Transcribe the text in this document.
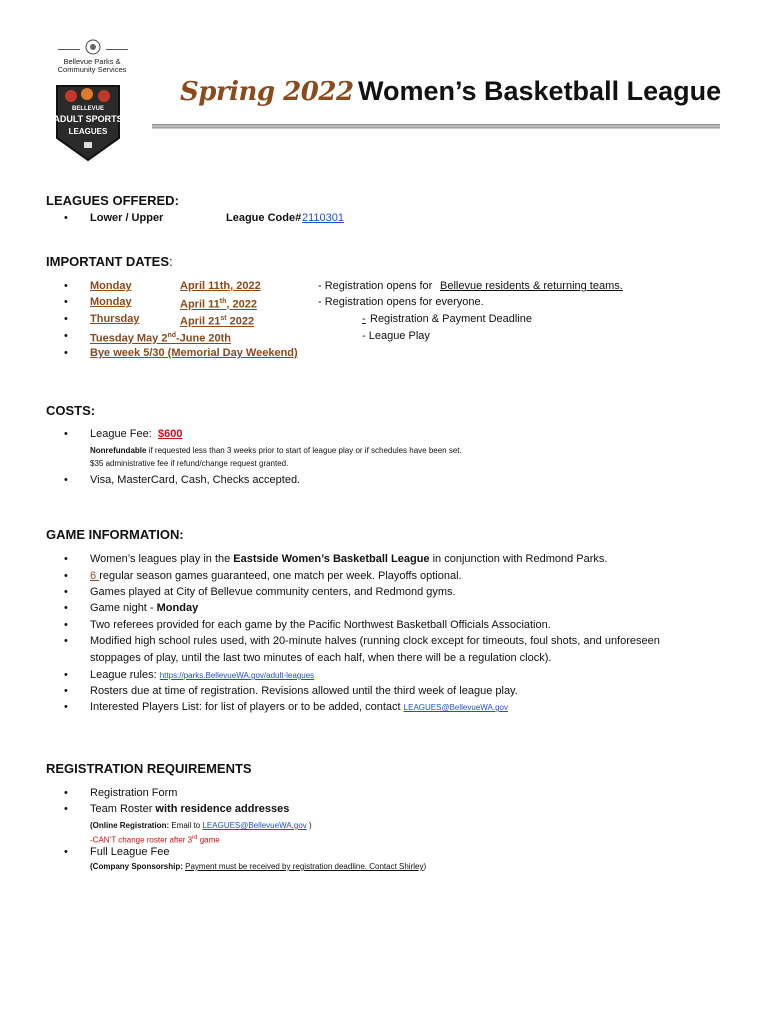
Bellevue Parks &
Community Services
BELLEVUE
ADULT SPORTS
LEAGUES
Spring 2022 Women’s Basketball League
LEAGUES OFFERED:
• Lower / Upper	League Code# 2110301
IMPORTANT DATES:
• Monday	April 11th, 2022	- Registration opens for Bellevue residents & returning teams.
• Monday	April 11th, 2022	- Registration opens for everyone.
• Thursday	April 21st 2022	- Registration & Payment Deadline
• Tuesday May 2nd-June 20th	- League Play
• Bye week 5/30 (Memorial Day Weekend)
COSTS:
• League Fee: $600
Nonrefundable if requested less than 3 weeks prior to start of league play or if schedules have been set.
$35 administrative fee if refund/change request granted.
• Visa, MasterCard, Cash, Checks accepted.
GAME INFORMATION:
• Women’s leagues play in the Eastside Women’s Basketball League in conjunction with Redmond Parks.
• 6 regular season games guaranteed, one match per week. Playoffs optional.
• Games played at City of Bellevue community centers, and Redmond gyms.
• Game night - Monday
• Two referees provided for each game by the Pacific Northwest Basketball Officials Association.
• Modified high school rules used, with 20-minute halves (running clock except for timeouts, foul shots, and unforeseen
stoppages of play, until the last two minutes of each half, when there will be a regulation clock).
• League rules: https://parks.BellevueWA.gov/adult-leagues
• Rosters due at time of registration. Revisions allowed until the third week of league play.
• Interested Players List: for list of players or to be added, contact LEAGUES@BellevueWA.gov
REGISTRATION REQUIREMENTS
• Registration Form
• Team Roster with residence addresses
(Online Registration: Email to LEAGUES@BellevueWA.gov )
-CAN’T change roster after 3rd game
• Full League Fee
(Company Sponsorship: Payment must be received by registration deadline. Contact Shirley)
